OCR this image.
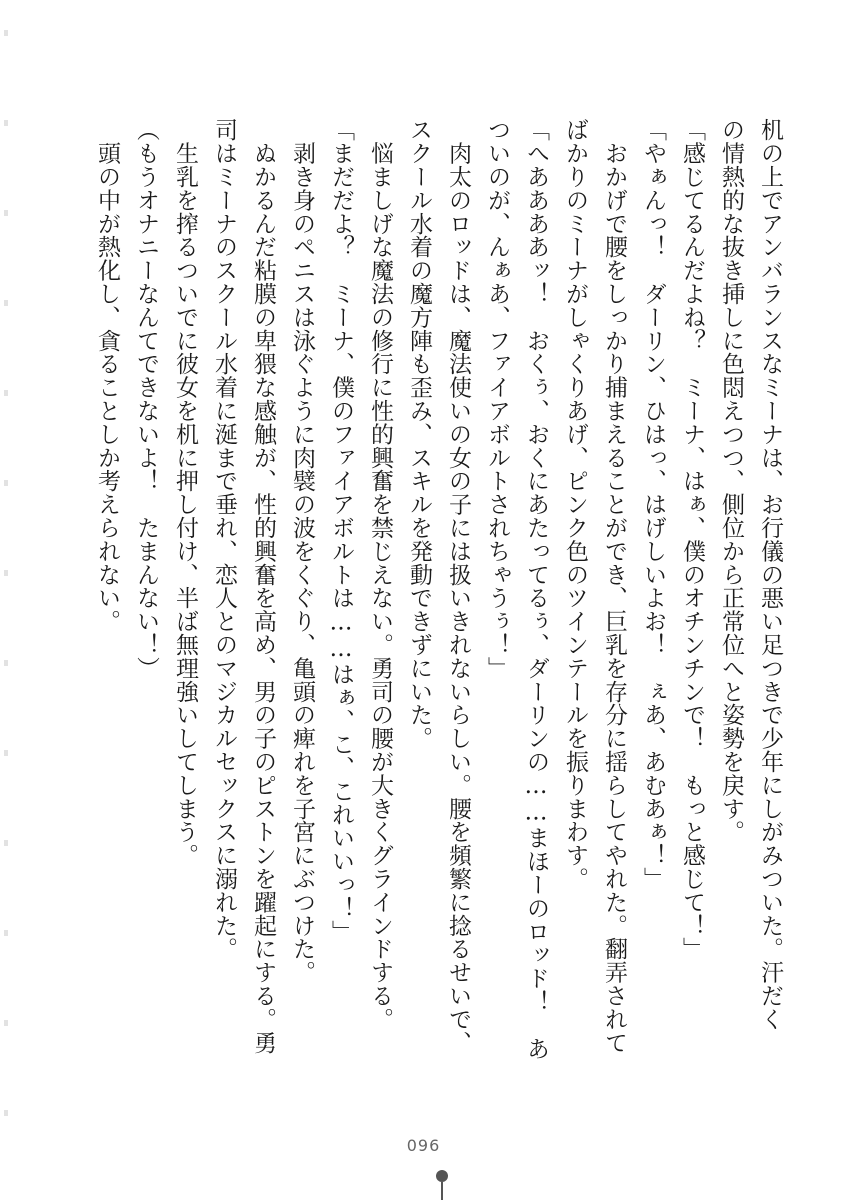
机の上でアンバランスなミーナは、お行儀の悪い足つきで少年にしがみついた。汗だく
の情熱的な抜き挿しに色悶えつつ、側位から正常位へと姿勢を戻す。
「感じてるんだよね？　ミーナ、はぁ、僕のオチンチンで！　もっと感じて！」
「やぁんっ！　ダーリン、ひはっ、はげしいよお！　ぇあ、あむあぁ！」
　おかげで腰をしっかり捕まえることができ、巨乳を存分に揺らしてやれた。翻弄されて
ばかりのミーナがしゃくりあげ、ピンク色のツインテールを振りまわす。
「へああああッ！　おくぅ、おくにあたってるぅ、ダーリンの……まほーのロッド！　あ
ついのが、んぁあ、ファイアボルトされちゃうぅ！」
　肉太のロッドは、魔法使いの女の子には扱いきれないらしい。腰を頻繁に捻るせいで、
スクール水着の魔方陣も歪み、スキルを発動できずにいた。
　悩ましげな魔法の修行に性的興奮を禁じえない。勇司の腰が大きくグラインドする。
「まだだよ？　ミーナ、僕のファイアボルトは……はぁ、こ、これいいっ！」
　剥き身のペニスは泳ぐように肉襞の波をくぐり、亀頭の痺れを子宮にぶつけた。
　ぬかるんだ粘膜の卑猥な感触が、性的興奮を高め、男の子のピストンを躍起にする。勇
司はミーナのスクール水着に涎まで垂れ、恋人とのマジカルセックスに溺れた。
　生乳を搾るついでに彼女を机に押し付け、半ば無理強いしてしまう。
（もうオナニーなんてできないよ！　たまんない！）
　頭の中が熱化し、貪ることしか考えられない。
096
